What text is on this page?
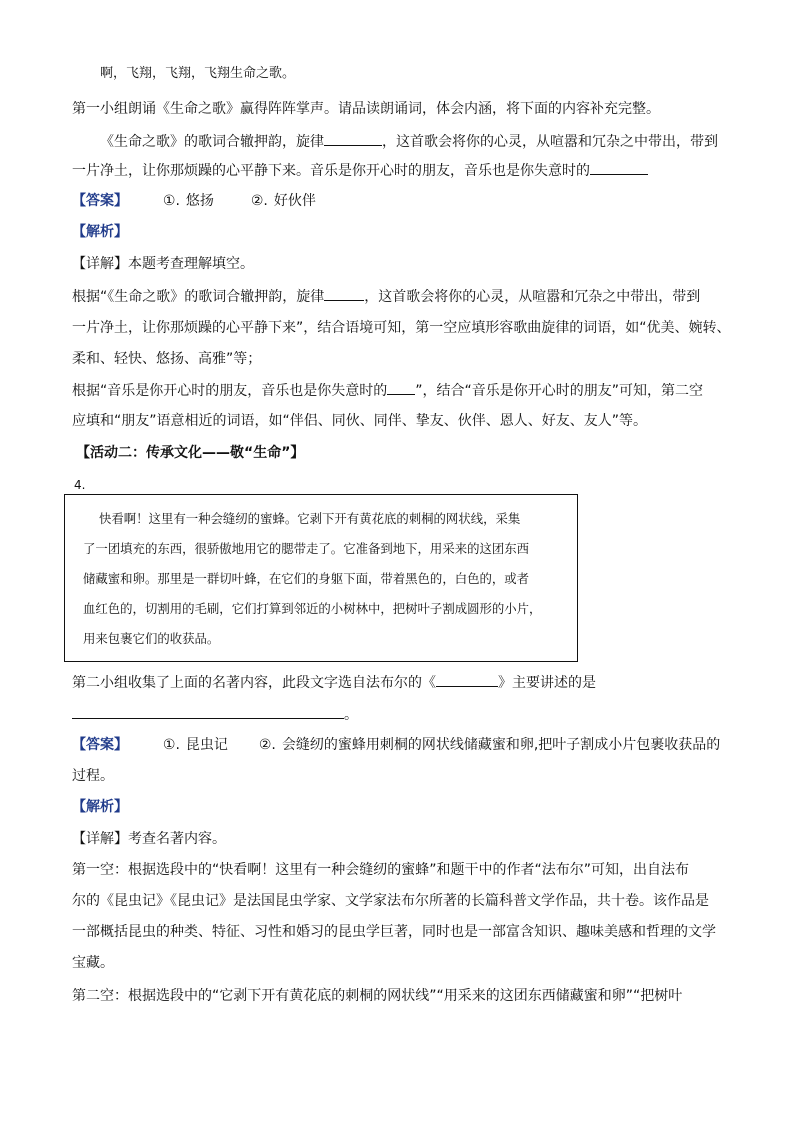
啊，飞翔，飞翔，飞翔生命之歌。
第一小组朗诵《生命之歌》赢得阵阵掌声。请品读朗诵词，体会内涵，将下面的内容补充完整。
《生命之歌》的歌词合辙押韵，旋律	，这首歌会将你的心灵，从喧嚣和冗杂之中带出，带到
一片净土，让你那烦躁的心平静下来。音乐是你开心时的朋友，音乐也是你失意时的
【答案】 ①. 悠扬	②. 好伙伴
【解析】
【详解】本题考查理解填空。
根据“《生命之歌》的歌词合辙押韵，旋律	，这首歌会将你的心灵，从喧嚣和冗杂之中带出，带到
一片净土，让你那烦躁的心平静下来”，结合语境可知，第一空应填形容歌曲旋律的词语，如“优美、婉转、
柔和、轻快、悠扬、高雅”等；
根据“音乐是你开心时的朋友，音乐也是你失意时的 ”，结合“音乐是你开心时的朋友”可知，第二空
应填和“朋友”语意相近的词语，如“伴侣、同伙、同伴、挚友、伙伴、恩人、好友、友人”等。
【活动二：传承文化——敬“生命”】
4.
快看啊！这里有一种会缝纫的蜜蜂。它剥下开有黄花底的刺桐的网状线，采集
了一团填充的东西，很骄傲地用它的腮带走了。它准备到地下，用采来的这团东西
储藏蜜和卵。那里是一群切叶蜂，在它们的身躯下面，带着黑色的，白色的，或者
血红色的，切割用的毛刷，它们打算到邻近的小树林中，把树叶子割成圆形的小片，
用来包裹它们的收获品。
第二小组收集了上面的名著内容，此段文字选自法布尔的《	》主要讲述的是
。
【答案】 ①. 昆虫记 ②. 会缝纫的蜜蜂用刺桐的网状线储藏蜜和卵,把叶子割成小片包裹收获品的
过程。
【解析】
【详解】考查名著内容。
第一空：根据选段中的“快看啊！这里有一种会缝纫的蜜蜂”和题干中的作者“法布尔”可知，出自法布
尔的《昆虫记》《昆虫记》是法国昆虫学家、文学家法布尔所著的长篇科普文学作品，共十卷。该作品是
一部概括昆虫的种类、特征、习性和婚习的昆虫学巨著，同时也是一部富含知识、趣味美感和哲理的文学
宝藏。
第二空：根据选段中的“它剥下开有黄花底的刺桐的网状线”“用采来的这团东西储藏蜜和卵”“把树叶
